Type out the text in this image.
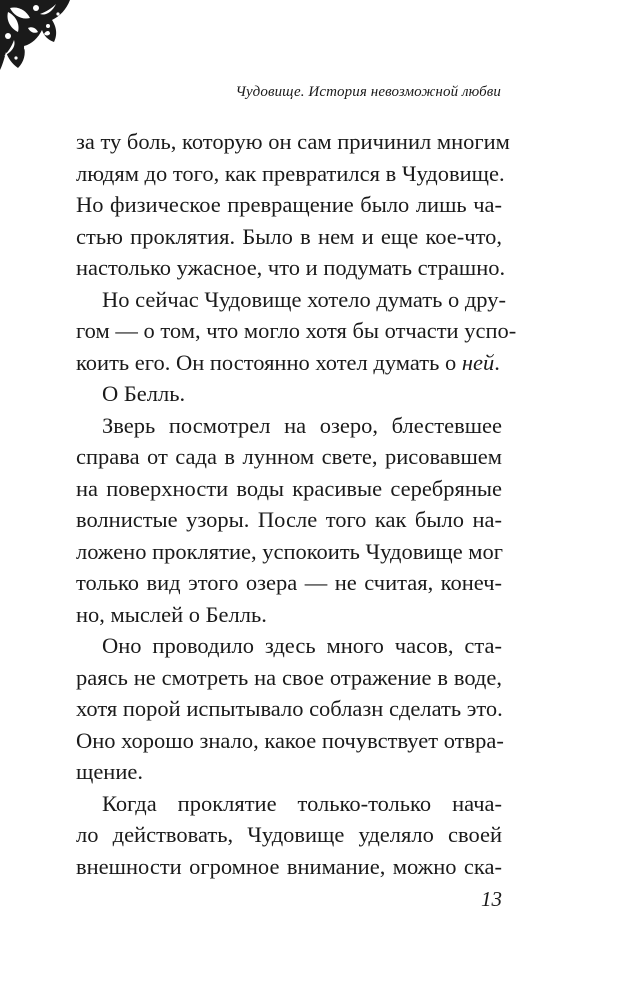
Чудовище. История невозможной любви
за ту боль, которую он сам причинил многим
людям до того, как превратился в Чудовище.
Но физическое превращение было лишь ча-
стью проклятия. Было в нем и еще кое-что,
настолько ужасное, что и подумать страшно.
Но сейчас Чудовище хотело думать о дру-
гом — о том, что могло хотя бы отчасти успо-
коить его. Он постоянно хотел думать о ней.
О Белль.
Зверь посмотрел на озеро, блестевшее
справа от сада в лунном свете, рисовавшем
на поверхности воды красивые серебряные
волнистые узоры. После того как было на-
ложено проклятие, успокоить Чудовище мог
только вид этого озера — не считая, конеч-
но, мыслей о Белль.
Оно проводило здесь много часов, ста-
раясь не смотреть на свое отражение в воде,
хотя порой испытывало соблазн сделать это.
Оно хорошо знало, какое почувствует отвра-
щение.
Когда проклятие только-только нача-
ло действовать, Чудовище уделяло своей
внешности огромное внимание, можно ска-
13
